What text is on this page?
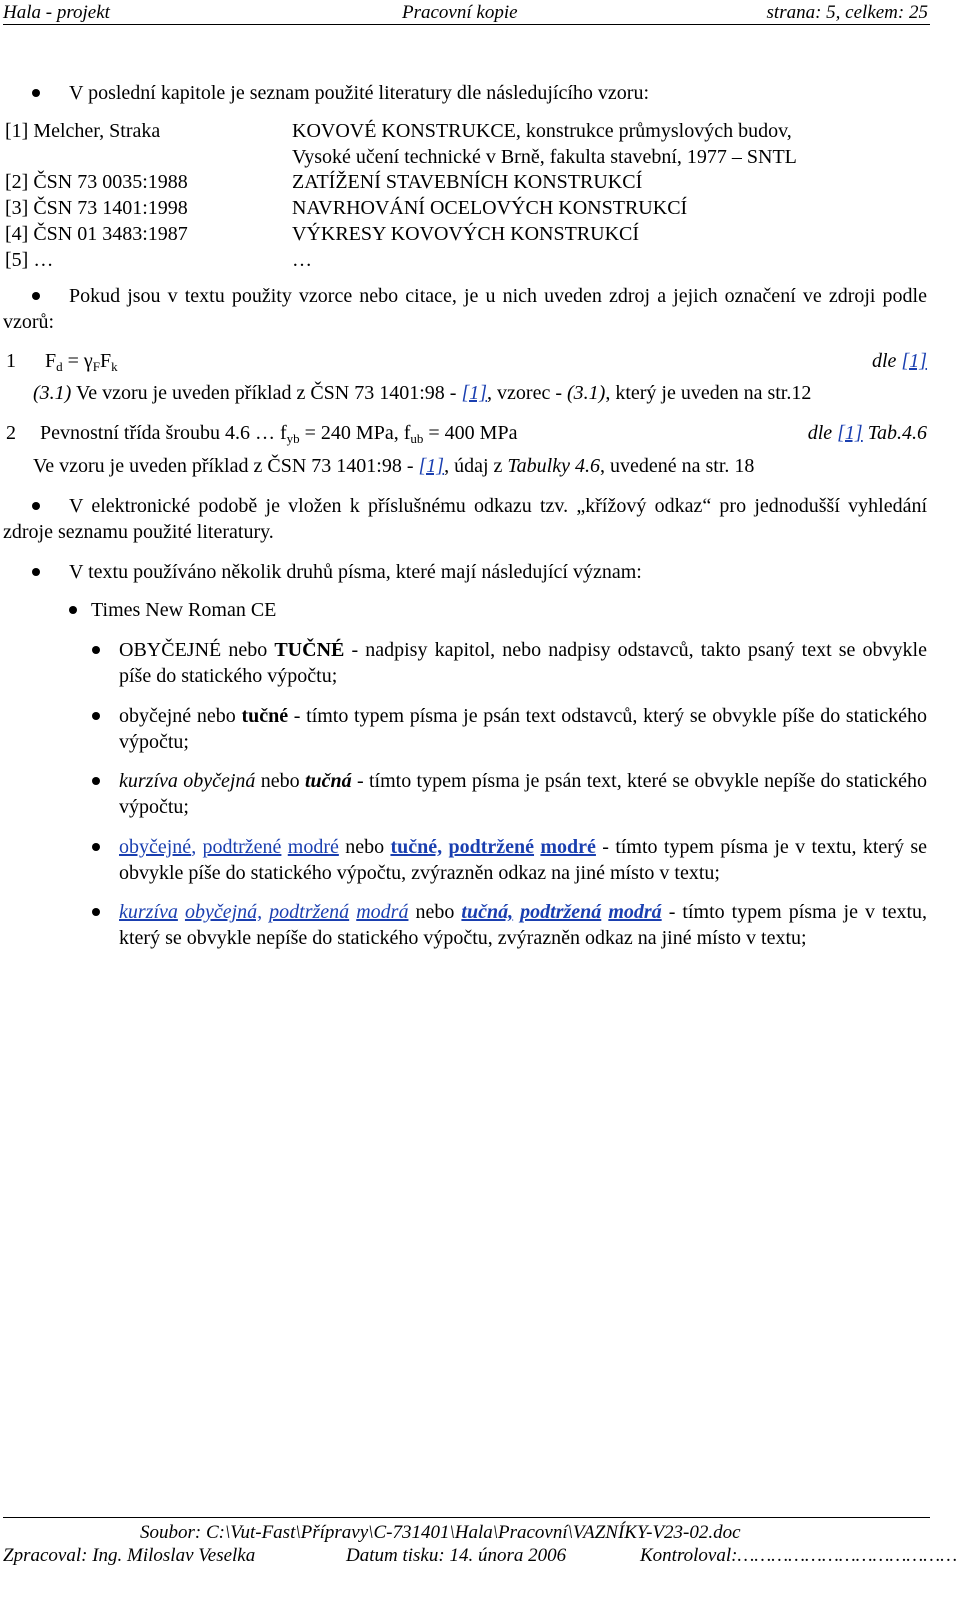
Hala - projekt	Pracovní kopie	strana: 5, celkem: 25
V poslední kapitole je seznam použité literatury dle následujícího vzoru:
[1] Melcher, Straka	KOVOVÉ KONSTRUKCE, konstrukce průmyslových budov,
Vysoké učení technické v Brně, fakulta stavební, 1977 – SNTL
[2] ČSN 73 0035:1988	ZATÍŽENÍ STAVEBNÍCH KONSTRUKCÍ
[3] ČSN 73 1401:1998	NAVRHOVÁNÍ OCELOVÝCH KONSTRUKCÍ
[4] ČSN 01 3483:1987	VÝKRESY KOVOVÝCH KONSTRUKCÍ
[5] …	…
Pokud jsou v textu použity vzorce nebo citace, je u nich uveden zdroj a jejich označení ve zdroji podle vzorů:
1 $F_d = \gamma_FF_k$	dle [1]
(3.1) Ve vzoru je uveden příklad z ČSN 73 1401:98 - [1], vzorec - (3.1), který je uveden na str.12
2 Pevnostní třída šroubu 4.6 … $f_{yb} = 240$ MPa, $f_{ub} = 400$ MPa	dle [1] Tab.4.6
Ve vzoru je uveden příklad z ČSN 73 1401:98 - [1], údaj z Tabulky 4.6, uvedené na str. 18
V elektronické podobě je vložen k příslušnému odkazu tzv. „křížový odkaz“ pro jednodušší vyhledání zdroje seznamu použité literatury.
V textu používáno několik druhů písma, které mají následující význam:
Times New Roman CE
OBYČEJNÉ nebo TUČNÉ - nadpisy kapitol, nebo nadpisy odstavců, takto psaný text se obvykle píše do statického výpočtu;
obyčejné nebo tučné - tímto typem písma je psán text odstavců, který se obvykle píše do statického výpočtu;
kurzíva obyčejná nebo tučná - tímto typem písma je psán text, které se obvykle nepíše do statického výpočtu;
obyčejné, podtržené modré nebo tučné, podtržené modré - tímto typem písma je v textu, který se obvykle píše do statického výpočtu, zvýrazněn odkaz na jiné místo v textu;
kurzíva obyčejná, podtržená modrá nebo tučná, podtržená modrá - tímto typem písma je v textu, který se obvykle nepíše do statického výpočtu, zvýrazněn odkaz na jiné místo v textu;
Soubor: C:\Vut-Fast\Přípravy\C-731401\Hala\Pracovní\VAZNÍKY-V23-02.doc
Zpracoval: Ing. Miloslav Veselka	Datum tisku: 14. února 2006	Kontroloval:…………………………………
